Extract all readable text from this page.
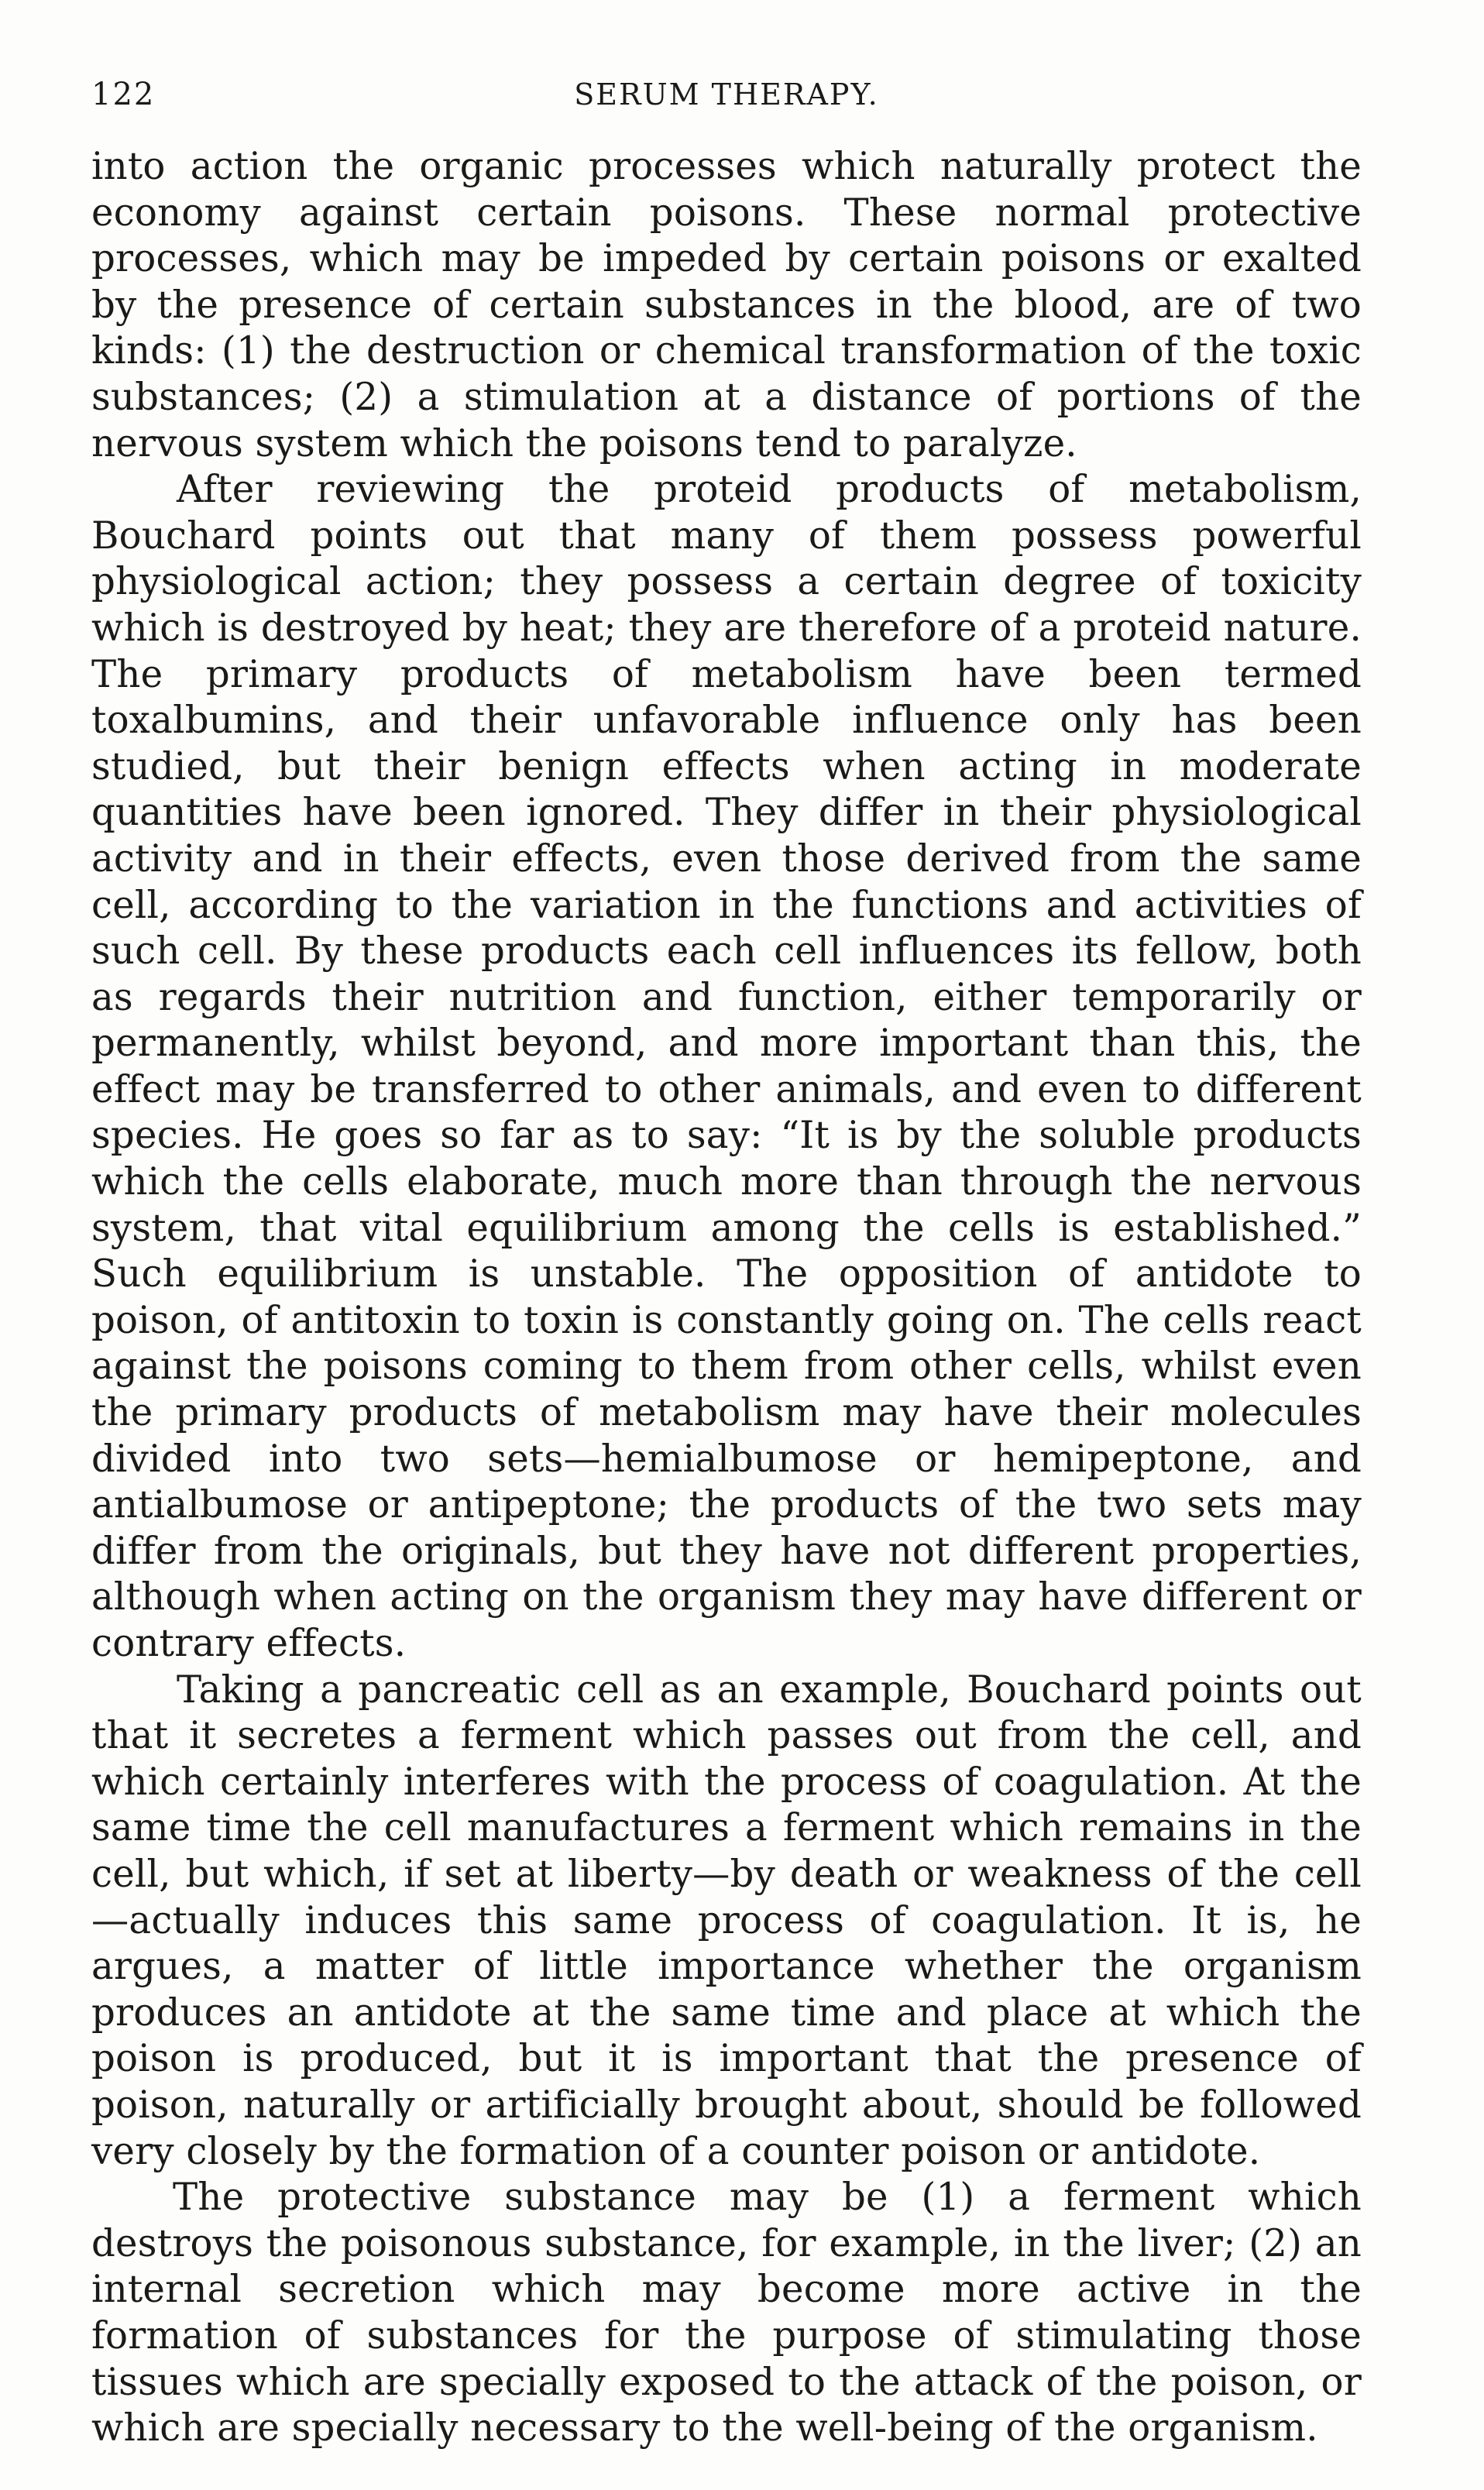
122	SERUM THERAPY.

into action the organic processes which naturally protect the economy against certain poisons. These normal protective processes, which may be impeded by certain poisons or exalted by the presence of certain substances in the blood, are of two kinds: (1) the destruction or chemical transformation of the toxic substances; (2) a stimulation at a distance of portions of the nervous system which the poisons tend to paralyze.

After reviewing the proteid products of metabolism, Bouchard points out that many of them possess powerful physiological action; they possess a certain degree of toxicity which is destroyed by heat; they are therefore of a proteid nature. The primary products of metabolism have been termed toxalbumins, and their unfavorable influence only has been studied, but their benign effects when acting in moderate quantities have been ignored. They differ in their physiological activity and in their effects, even those derived from the same cell, according to the variation in the functions and activities of such cell. By these products each cell influences its fellow, both as regards their nutrition and function, either temporarily or permanently, whilst beyond, and more important than this, the effect may be transferred to other animals, and even to different species. He goes so far as to say: “It is by the soluble products which the cells elaborate, much more than through the nervous system, that vital equilibrium among the cells is established.” Such equilibrium is unstable. The opposition of antidote to poison, of antitoxin to toxin is constantly going on. The cells react against the poisons coming to them from other cells, whilst even the primary products of metabolism may have their molecules divided into two sets—hemialbumose or hemipeptone, and antialbumose or antipeptone; the products of the two sets may differ from the originals, but they have not different properties, although when acting on the organism they may have different or contrary effects.

Taking a pancreatic cell as an example, Bouchard points out that it secretes a ferment which passes out from the cell, and which certainly interferes with the process of coagulation. At the same time the cell manufactures a ferment which remains in the cell, but which, if set at liberty—by death or weakness of the cell—actually induces this same process of coagulation. It is, he argues, a matter of little importance whether the organism produces an antidote at the same time and place at which the poison is produced, but it is important that the presence of poison, naturally or artificially brought about, should be followed very closely by the formation of a counter poison or antidote.

The protective substance may be (1) a ferment which destroys the poisonous substance, for example, in the liver; (2) an internal secretion which may become more active in the formation of substances for the purpose of stimulating those tissues which are specially exposed to the attack of the poison, or which are specially necessary to the well-being of the organism.
